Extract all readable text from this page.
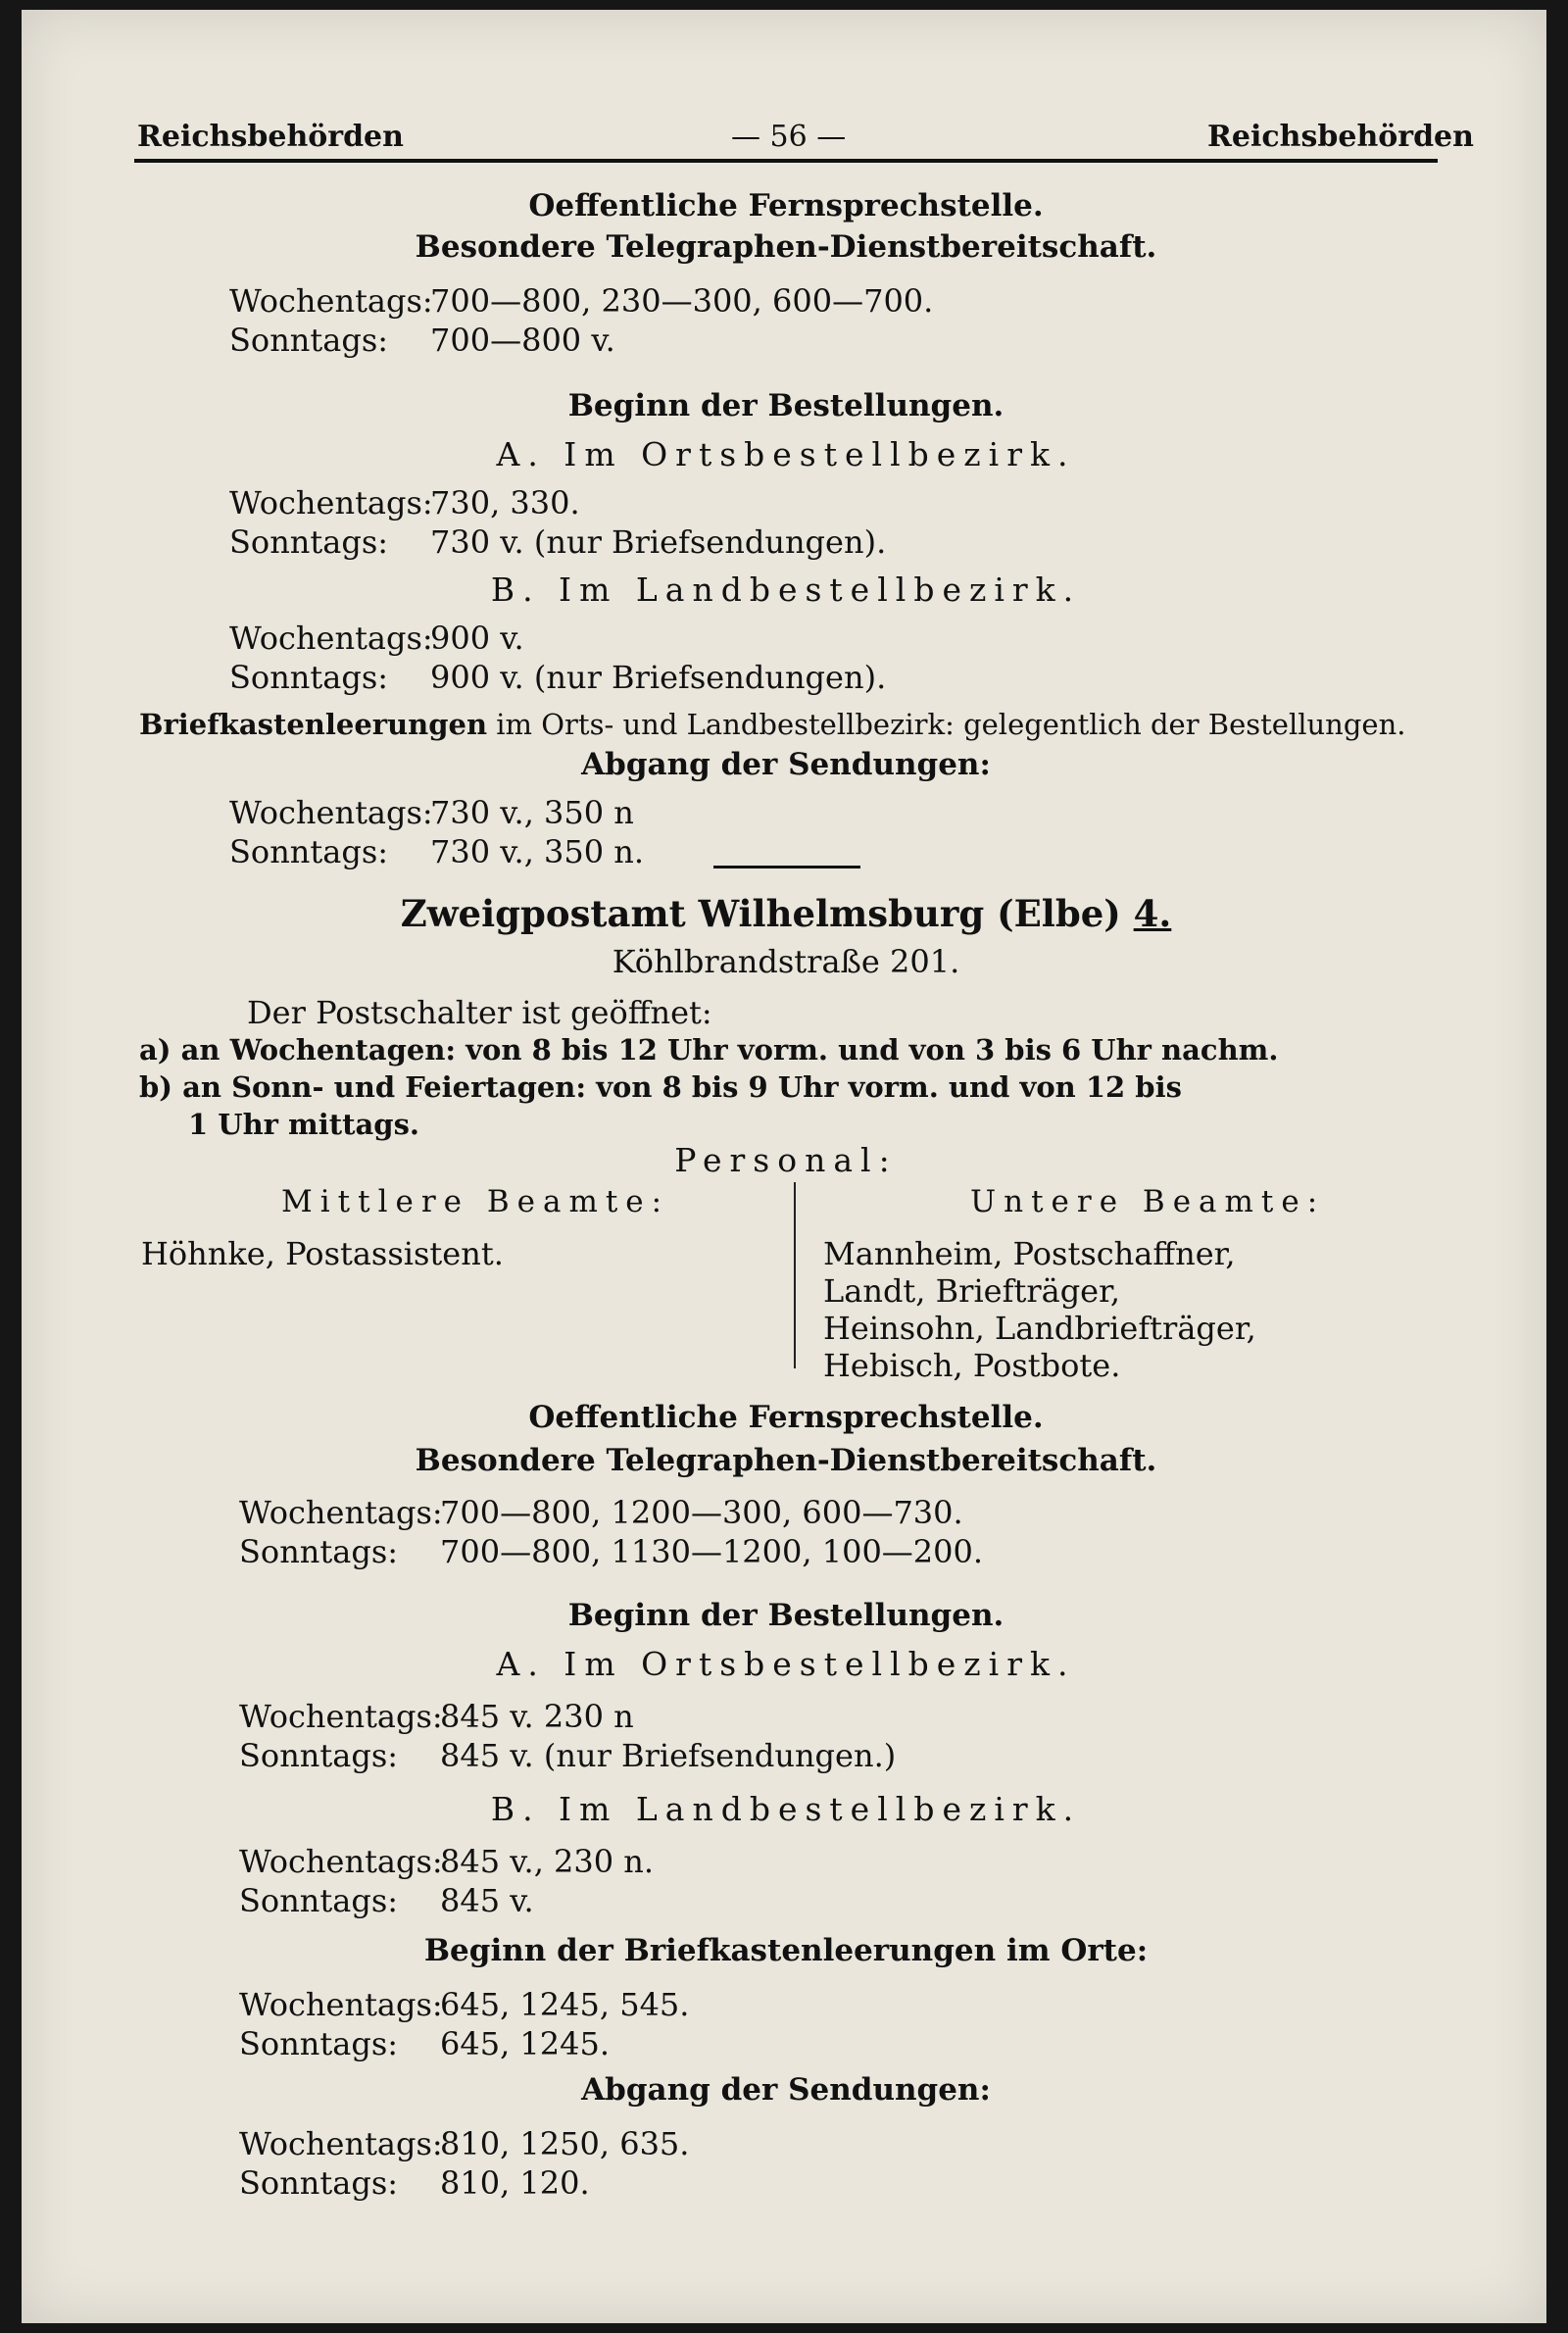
Reichsbehörden	— 56 —	Reichsbehörden
Oeffentliche Fernsprechstelle.
Besondere Telegraphen-Dienstbereitschaft.
Wochentags:700—800, 230—300, 600—700.
Sonntags: 700—800 v.
Beginn der Bestellungen.
A. Im Ortsbestellbezirk.
Wochentags:730, 330.
Sonntags: 730 v. (nur Briefsendungen).
B. Im Landbestellbezirk.
Wochentags:900 v.
Sonntags: 900 v. (nur Briefsendungen).
Briefkastenleerungen im Orts- und Landbestellbezirk: gelegentlich der Bestellungen.
Abgang der Sendungen:
Wochentags:730 v., 350 n
Sonntags: 730 v., 350 n.
Zweigpostamt Wilhelmsburg (Elbe) 4.
Köhlbrandstraße 201.
Der Postschalter ist geöffnet:
a) an Wochentagen: von 8 bis 12 Uhr vorm. und von 3 bis 6 Uhr nachm.
b) an Sonn- und Feiertagen: von 8 bis 9 Uhr vorm. und von 12 bis
1 Uhr mittags.
Personal:
Mittlere Beamte:	Untere Beamte:
Höhnke, Postassistent.	Mannheim, Postschaffner,
Landt, Briefträger,
Heinsohn, Landbriefträger,
Hebisch, Postbote.
Oeffentliche Fernsprechstelle.
Besondere Telegraphen-Dienstbereitschaft.
Wochentags:700—800, 1200—300, 600—730.
Sonntags: 700—800, 1130—1200, 100—200.
Beginn der Bestellungen.
A. Im Ortsbestellbezirk.
Wochentags:845 v. 230 n
Sonntags: 845 v. (nur Briefsendungen.)
B. Im Landbestellbezirk.
Wochentags:845 v., 230 n.
Sonntags: 845 v.
Beginn der Briefkastenleerungen im Orte:
Wochentags:645, 1245, 545.
Sonntags: 645, 1245.
Abgang der Sendungen:
Wochentags:810, 1250, 635.
Sonntags: 810, 120.
